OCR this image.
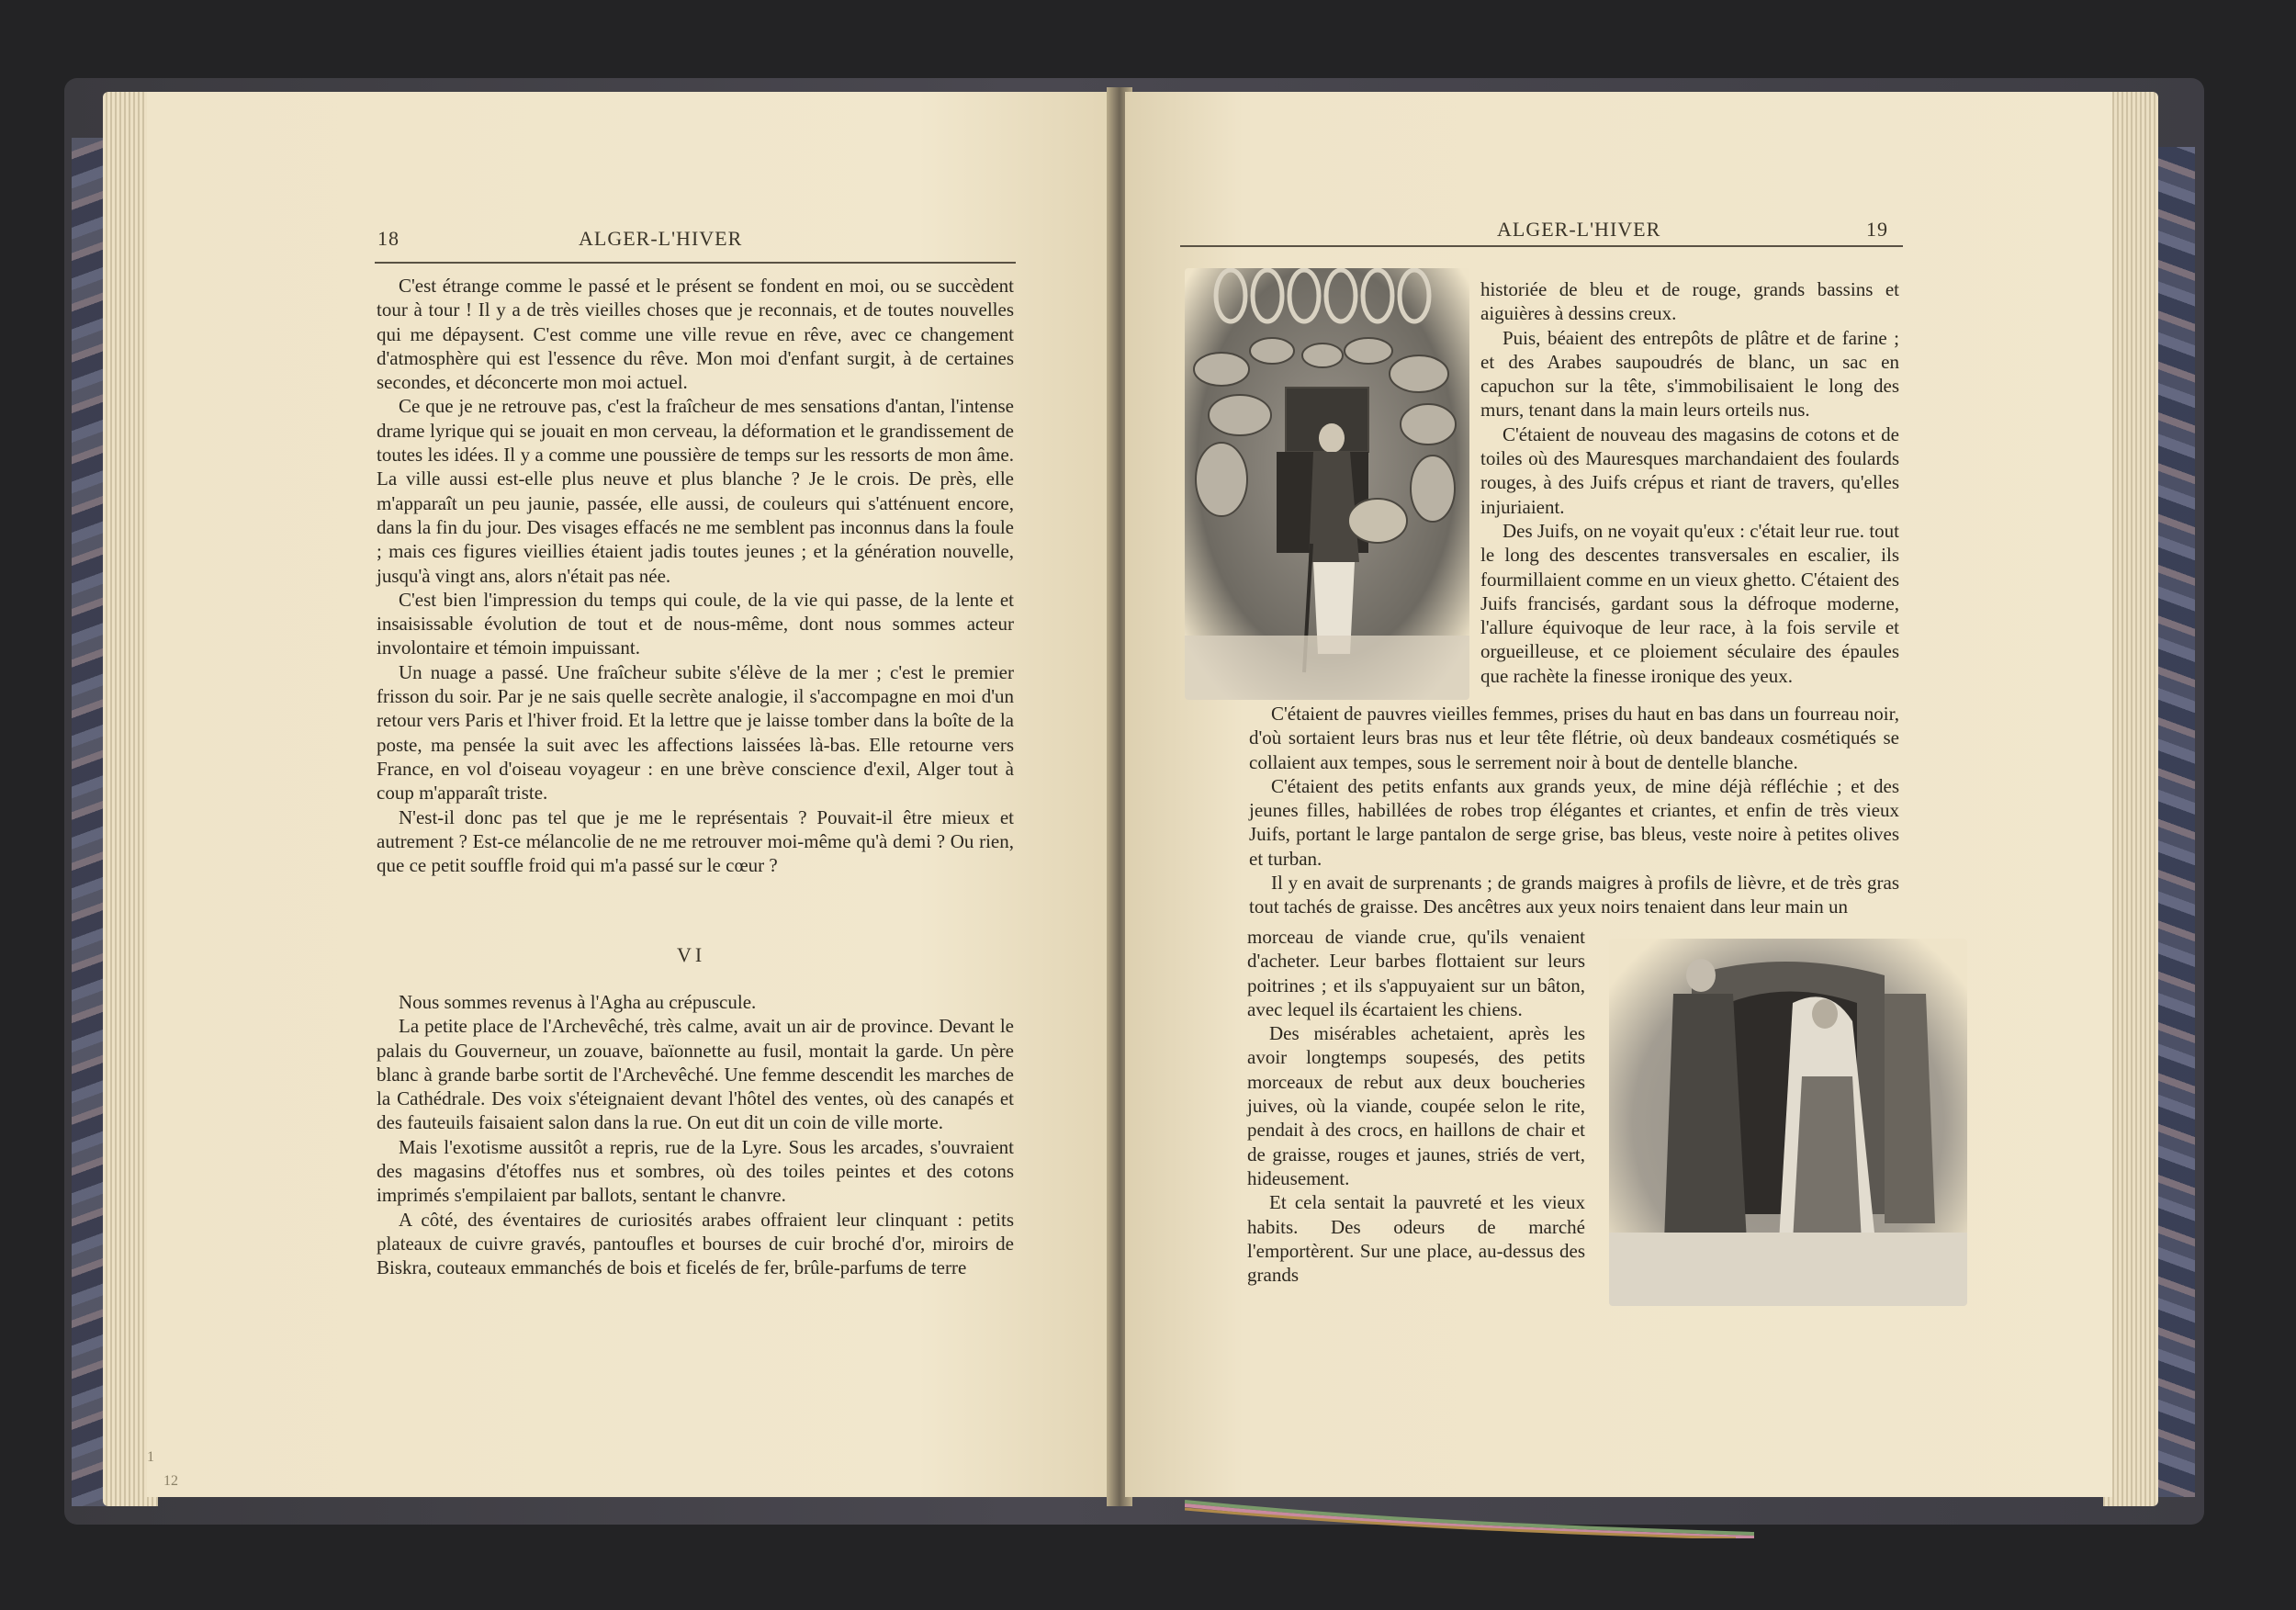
18	ALGER-L'HIVER

C'est étrange comme le passé et le présent se fondent en moi, ou se succèdent tour à tour ! Il y a de très vieilles choses que je reconnais, et de toutes nouvelles qui me dépaysent. C'est comme une ville revue en rêve, avec ce changement d'atmosphère qui est l'essence du rêve. Mon moi d'enfant surgit, à de certaines secondes, et déconcerte mon moi actuel.

Ce que je ne retrouve pas, c'est la fraîcheur de mes sensations d'antan, l'intense drame lyrique qui se jouait en mon cerveau, la déformation et le grandissement de toutes les idées. Il y a comme une poussière de temps sur les ressorts de mon âme. La ville aussi est-elle plus neuve et plus blanche ? Je le crois. De près, elle m'apparaît un peu jaunie, passée, elle aussi, de couleurs qui s'atténuent encore, dans la fin du jour. Des visages effacés ne me semblent pas inconnus dans la foule ; mais ces figures vieillies étaient jadis toutes jeunes ; et la génération nouvelle, jusqu'à vingt ans, alors n'était pas née.

C'est bien l'impression du temps qui coule, de la vie qui passe, de la lente et insaisissable évolution de tout et de nous-même, dont nous sommes acteur involontaire et témoin impuissant.

Un nuage a passé. Une fraîcheur subite s'élève de la mer ; c'est le premier frisson du soir. Par je ne sais quelle secrète analogie, il s'accompagne en moi d'un retour vers Paris et l'hiver froid. Et la lettre que je laisse tomber dans la boîte de la poste, ma pensée la suit avec les affections laissées là-bas. Elle retourne vers France, en vol d'oiseau voyageur : en une brève conscience d'exil, Alger tout à coup m'apparaît triste.

N'est-il donc pas tel que je me le représentais ? Pouvait-il être mieux et autrement ? Est-ce mélancolie de ne me retrouver moi-même qu'à demi ? Ou rien, que ce petit souffle froid qui m'a passé sur le cœur ?

VI

Nous sommes revenus à l'Agha au crépuscule.

La petite place de l'Archevêché, très calme, avait un air de province. Devant le palais du Gouverneur, un zouave, baïonnette au fusil, montait la garde. Un père blanc à grande barbe sortit de l'Archevêché. Une femme descendit les marches de la Cathédrale. Des voix s'éteignaient devant l'hôtel des ventes, où des canapés et des fauteuils faisaient salon dans la rue. On eut dit un coin de ville morte.

Mais l'exotisme aussitôt a repris, rue de la Lyre. Sous les arcades, s'ouvraient des magasins d'étoffes nus et sombres, où des toiles peintes et des cotons imprimés s'empilaient par ballots, sentant le chanvre.

A côté, des éventaires de curiosités arabes offraient leur clinquant : petits plateaux de cuivre gravés, pantoufles et bourses de cuir broché d'or, miroirs de Biskra, couteaux emmanchés de bois et ficelés de fer, brûle-parfums de terre

1
12
ALGER-L'HIVER	19

historiée de bleu et de rouge, grands bassins et aiguières à dessins creux.

Puis, béaient des entrepôts de plâtre et de farine ; et des Arabes saupoudrés de blanc, un sac en capuchon sur la tête, s'immobilisaient le long des murs, tenant dans la main leurs orteils nus.

C'étaient de nouveau des magasins de cotons et de toiles où des Mauresques marchandaient des foulards rouges, à des Juifs crépus et riant de travers, qu'elles injuriaient.

Des Juifs, on ne voyait qu'eux : c'était leur rue. tout le long des descentes transversales en escalier, ils fourmillaient comme en un vieux ghetto. C'étaient des Juifs francisés, gardant sous la défroque moderne, l'allure équivoque de leur race, à la fois servile et orgueilleuse, et ce ploiement séculaire des épaules que rachète la finesse ironique des yeux.

C'étaient de pauvres vieilles femmes, prises du haut en bas dans un fourreau noir, d'où sortaient leurs bras nus et leur tête flétrie, où deux bandeaux cosmétiqués se collaient aux tempes, sous le serrement noir à bout de dentelle blanche.

C'étaient des petits enfants aux grands yeux, de mine déjà réfléchie ; et des jeunes filles, habillées de robes trop élégantes et criantes, et enfin de très vieux Juifs, portant le large pantalon de serge grise, bas bleus, veste noire à petites olives et turban.

Il y en avait de surprenants ; de grands maigres à profils de lièvre, et de très gras tout tachés de graisse. Des ancêtres aux yeux noirs tenaient dans leur main un

morceau de viande crue, qu'ils venaient d'acheter. Leur barbes flottaient sur leurs poitrines ; et ils s'appuyaient sur un bâton, avec lequel ils écartaient les chiens.

Des misérables achetaient, après les avoir longtemps soupesés, des petits morceaux de rebut aux deux boucheries juives, où la viande, coupée selon le rite, pendait à des crocs, en haillons de chair et de graisse, rouges et jaunes, striés de vert, hideusement.

Et cela sentait la pauvreté et les vieux habits. Des odeurs de marché l'emportèrent. Sur une place, au-dessus des grands
